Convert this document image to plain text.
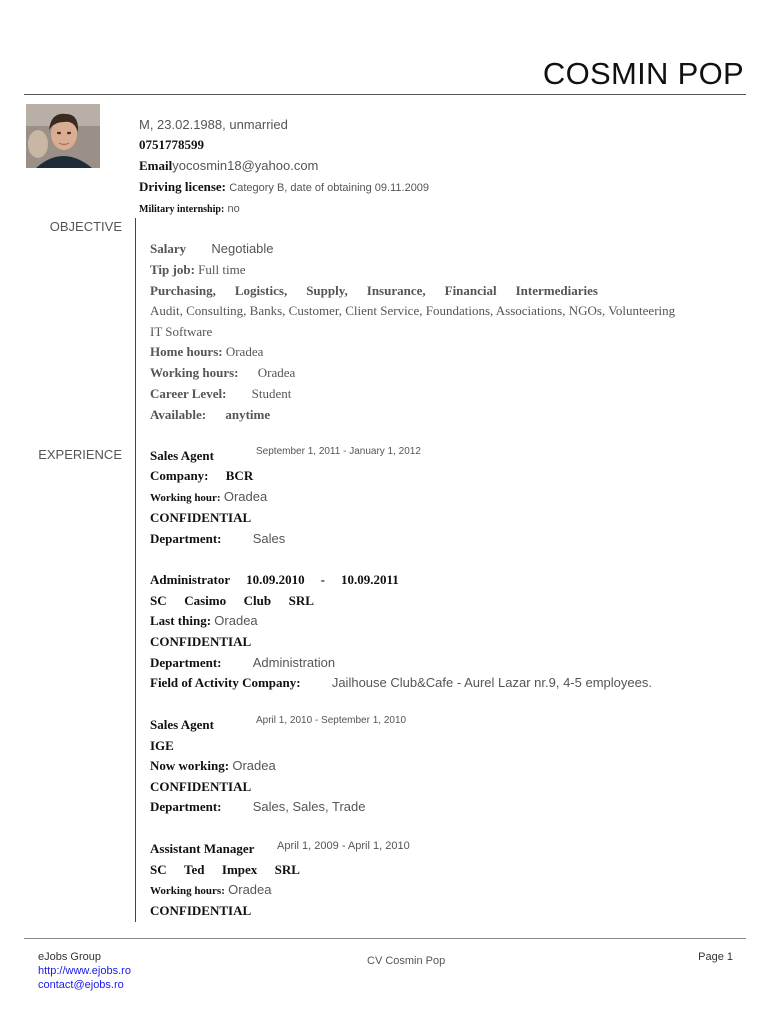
COSMIN POP
M, 23.02.1988, unmarried
0751778599
Emailyocosmin18@yahoo.com
Driving license: Category B, date of obtaining 09.11.2009
Military internship: no
OBJECTIVE
Salary Negotiable
Tip job: Full time
Purchasing, Logistics, Supply, Insurance, Financial Intermediaries
Audit, Consulting, Banks, Customer, Client Service, Foundations, Associations, NGOs, Volunteering
IT Software
Home hours: Oradea
Working hours: Oradea
Career Level: Student
Available: anytime
EXPERIENCE Sales Agent	September 1, 2011 - January 1, 2012
Company: BCR
Working hour: Oradea
CONFIDENTIAL
Department: Sales
Administrator 10.09.2010 - 10.09.2011
SC Casimo Club SRL
Last thing: Oradea
CONFIDENTIAL
Department: Administration
Field of Activity Company: Jailhouse Club&Cafe - Aurel Lazar nr.9, 4-5 employees.
Sales Agent	April 1, 2010 - September 1, 2010
IGE
Now working: Oradea
CONFIDENTIAL
Department: Sales, Sales, Trade
Assistant Manager April 1, 2009 - April 1, 2010
SC Ted Impex SRL
Working hours: Oradea
CONFIDENTIAL
eJobs Group
http://www.ejobs.ro
contact@ejobs.ro
CV Cosmin Pop	Page 1
